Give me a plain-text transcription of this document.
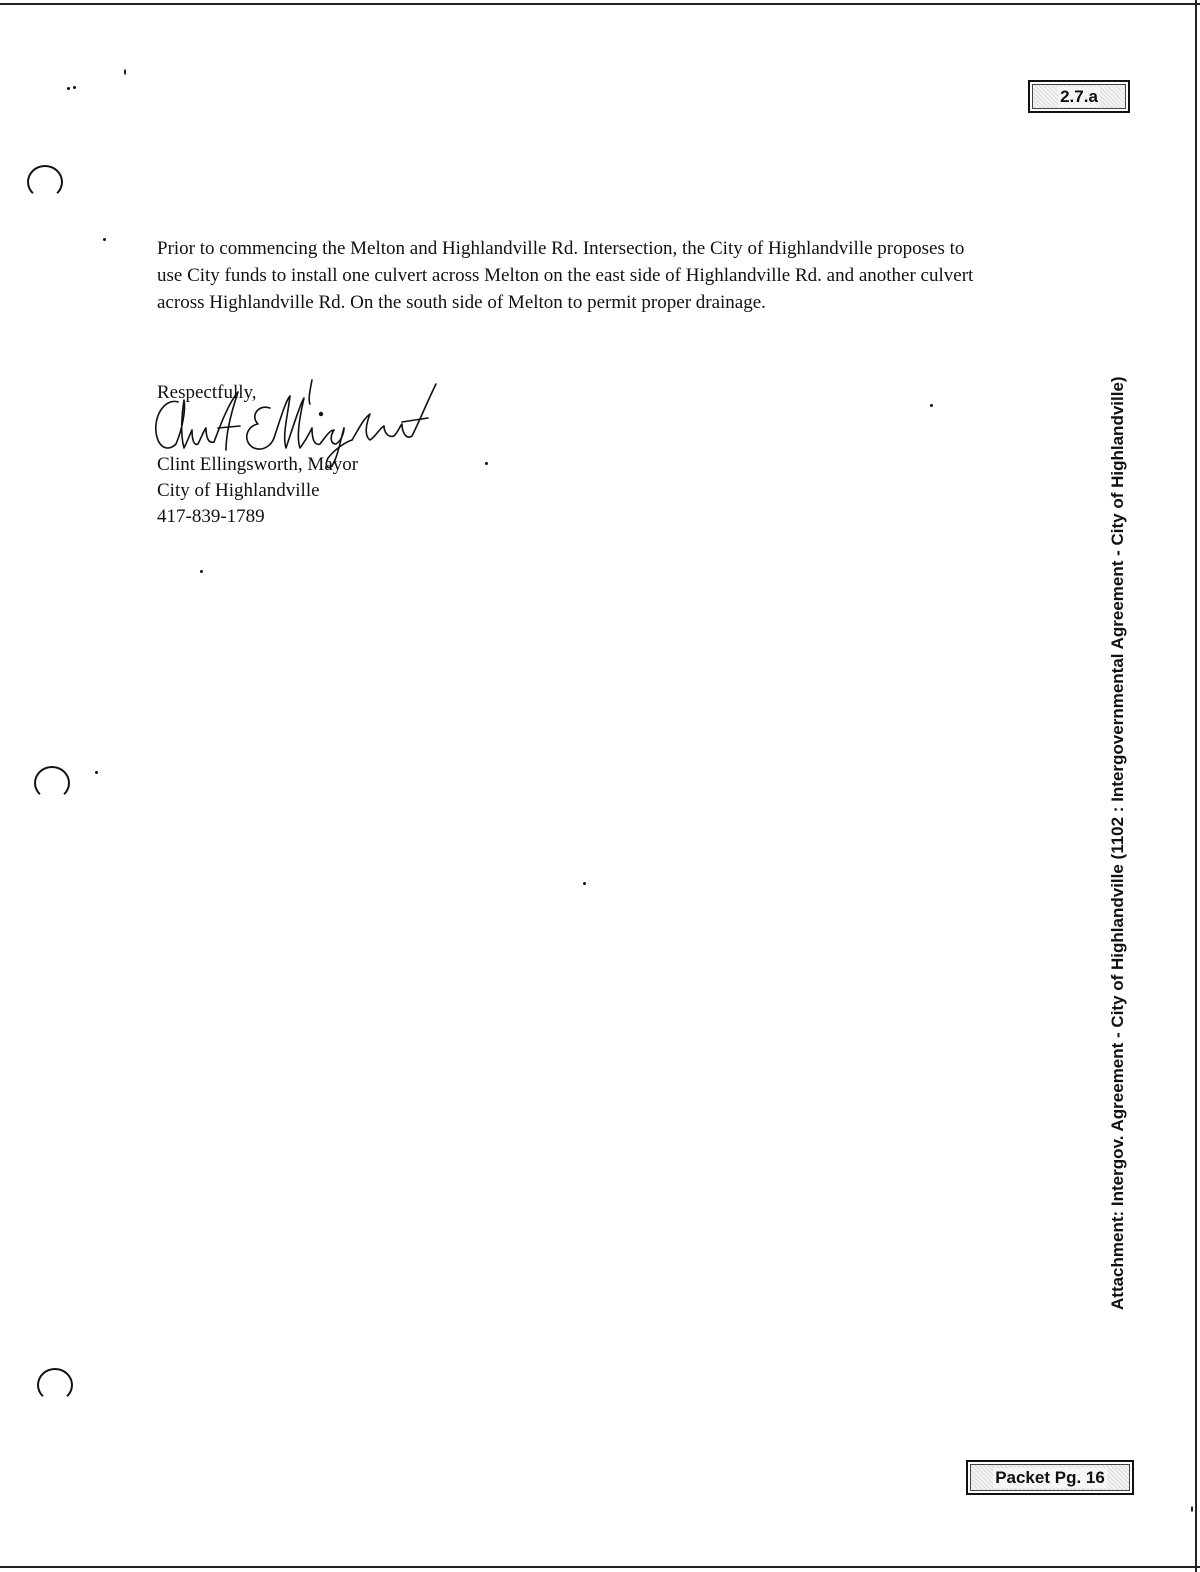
2.7.a
Prior to commencing the Melton and Highlandville Rd. Intersection, the City of Highlandville proposes to
use City funds to install one culvert across Melton on the east side of Highlandville Rd. and another culvert
across Highlandville Rd. On the south side of Melton to permit proper drainage.
Respectfully,
Clint Ellingsworth, Mayor
City of Highlandville
417-839-1789	Attachment: Intergov. Agreement - City of Highlandville (1102 : Intergovernmental Agreement - City of Highlandville)
Packet Pg. 16
